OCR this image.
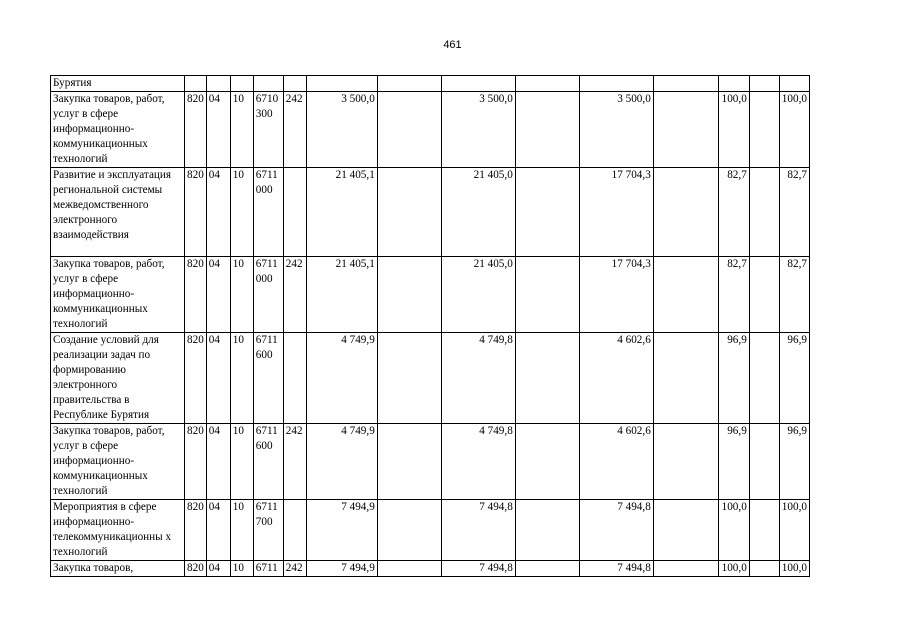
461
Бурятия														
Закупка товаров, работ, услуг в сфере информационно-коммуникационных технологий	820	04	10	6710 300	242	3 500,0		3 500,0		3 500,0		100,0		100,0
Развитие и эксплуатация региональной системы межведомственного электронного взаимодействия	820	04	10	6711 000		21 405,1		21 405,0		17 704,3		82,7		82,7
Закупка товаров, работ, услуг в сфере информационно-коммуникационных технологий	820	04	10	6711 000	242	21 405,1		21 405,0		17 704,3		82,7		82,7
Создание условий для реализации задач по формированию электронного правительства в Республике Бурятия	820	04	10	6711 600		4 749,9		4 749,8		4 602,6		96,9		96,9
Закупка товаров, работ, услуг в сфере информационно-коммуникационных технологий	820	04	10	6711 600	242	4 749,9		4 749,8		4 602,6		96,9		96,9
Мероприятия в сфере информационно-телекоммуникационны х технологий	820	04	10	6711 700		7 494,9		7 494,8		7 494,8		100,0		100,0
Закупка товаров,	820	04	10	6711	242	7 494,9		7 494,8		7 494,8		100,0		100,0
